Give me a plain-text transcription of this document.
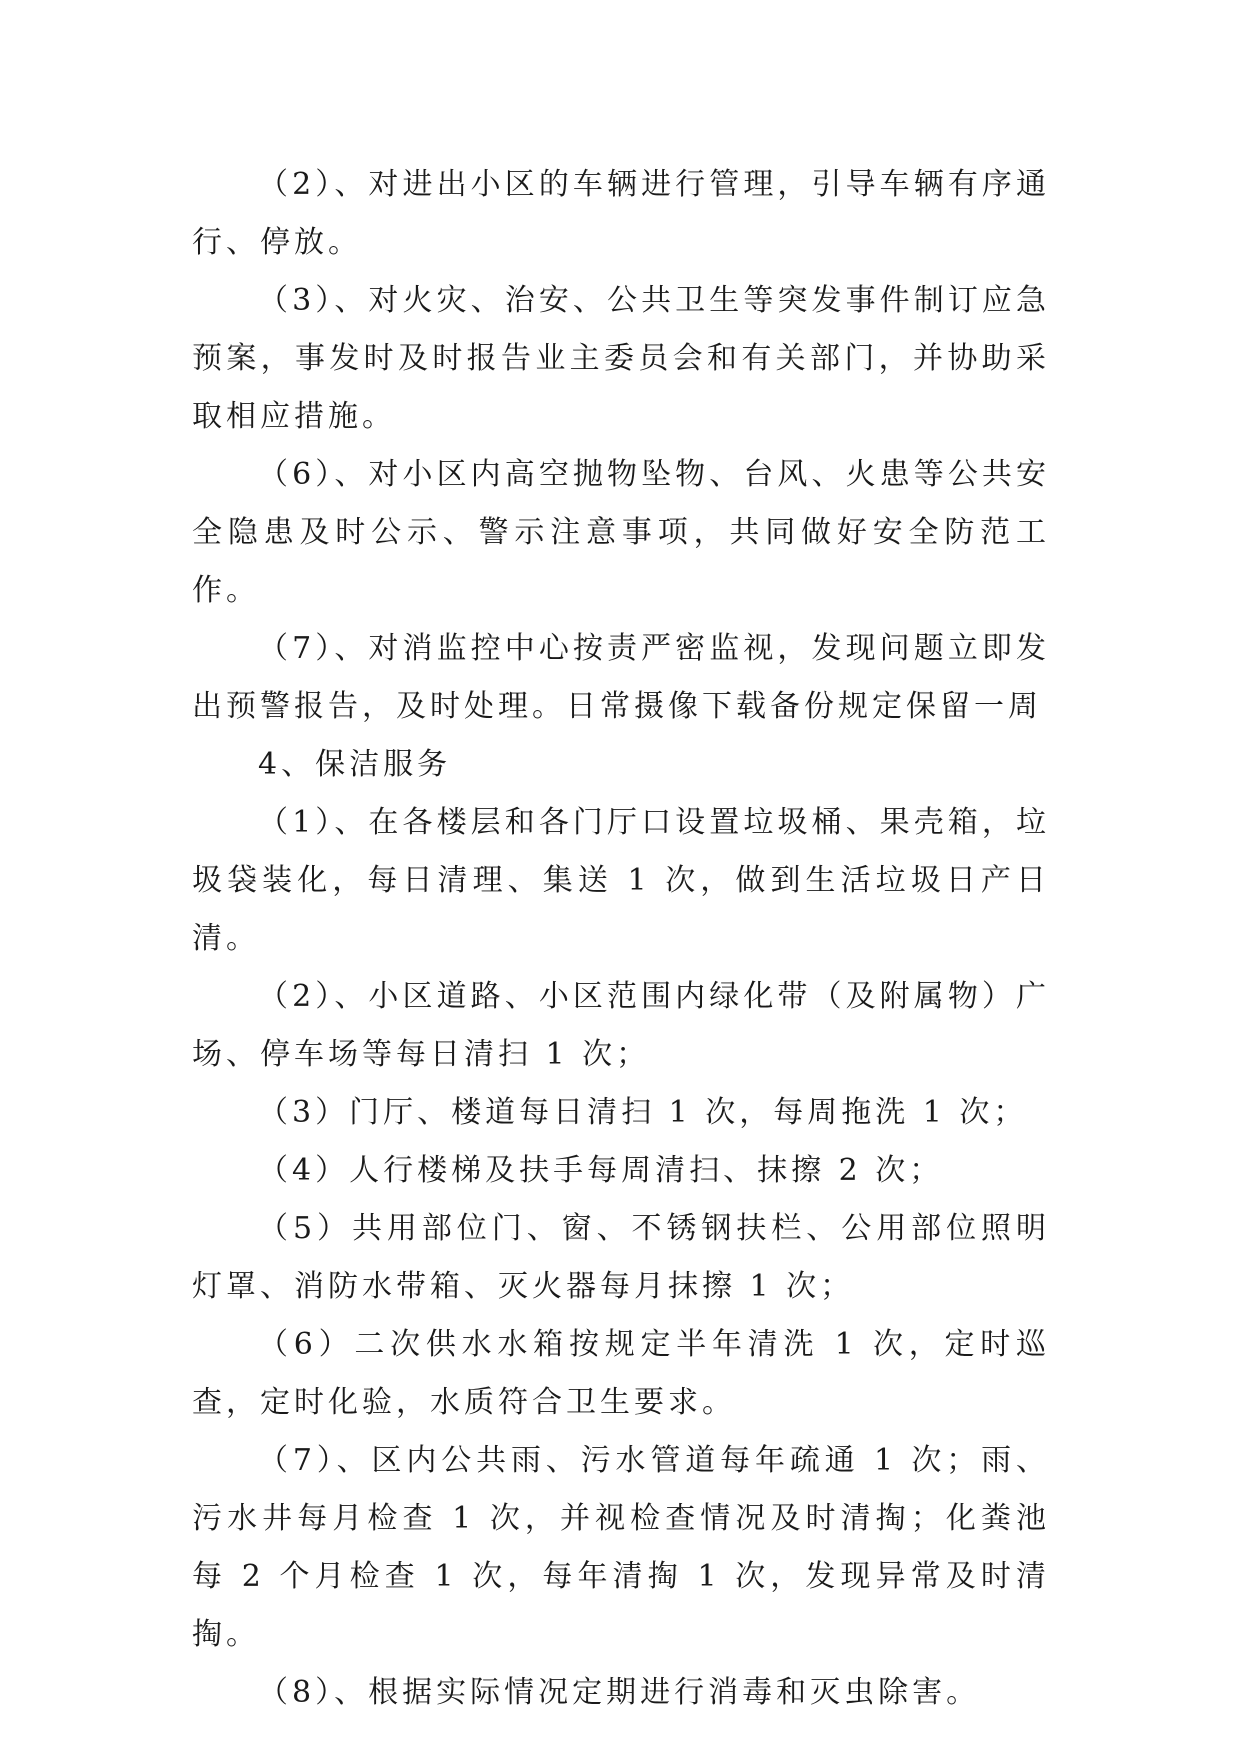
（2）、对进出小区的车辆进行管理，引导车辆有序通行、停放。

（3）、对火灾、治安、公共卫生等突发事件制订应急预案，事发时及时报告业主委员会和有关部门，并协助采取相应措施。

（6）、对小区内高空抛物坠物、台风、火患等公共安全隐患及时公示、警示注意事项，共同做好安全防范工作。

（7）、对消监控中心按责严密监视，发现问题立即发出预警报告，及时处理。日常摄像下载备份规定保留一周

4、保洁服务

（1）、在各楼层和各门厅口设置垃圾桶、果壳箱，垃圾袋装化，每日清理、集送 1 次，做到生活垃圾日产日清。

（2）、小区道路、小区范围内绿化带（及附属物）广场、停车场等每日清扫 1 次；

（3）门厅、楼道每日清扫 1 次，每周拖洗 1 次；

（4）人行楼梯及扶手每周清扫、抹擦 2 次；

（5）共用部位门、窗、不锈钢扶栏、公用部位照明灯罩、消防水带箱、灭火器每月抹擦 1 次；

（6）二次供水水箱按规定半年清洗 1 次，定时巡查，定时化验，水质符合卫生要求。

（7）、区内公共雨、污水管道每年疏通 1 次；雨、污水井每月检查 1 次，并视检查情况及时清掏；化粪池每 2 个月检查 1 次，每年清掏 1 次，发现异常及时清掏。

（8）、根据实际情况定期进行消毒和灭虫除害。
